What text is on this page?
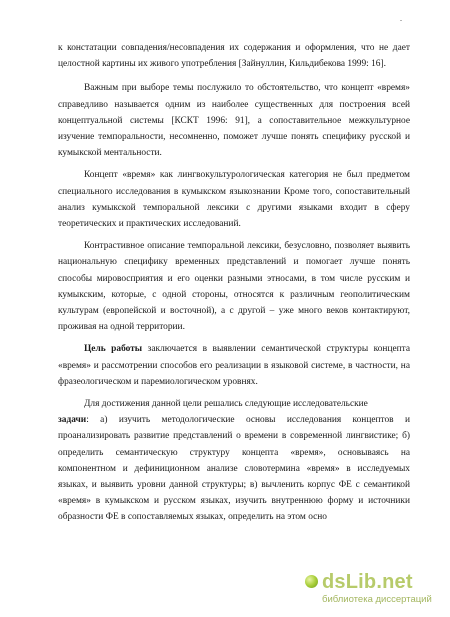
.

к констатации совпадения/несовпадения их содержания и оформления, что не дает целостной картины их живого употребления [Зайнуллин, Кильдибекова 1999: 16].

Важным при выборе темы послужило то обстоятельство, что концепт «время» справедливо называется одним из наиболее существенных для построения всей концептуальной системы [КСКТ 1996: 91], а сопоставительное межкультурное изучение темпоральности, несомненно, поможет лучше понять специфику русской и кумыкской ментальности.

Концепт «время» как лингвокультурологическая категория не был предметом специального исследования в кумыкском языкознании Кроме того, сопоставительный анализ кумыкской темпоральной лексики с другими языками входит в сферу теоретических и практических исследований.

Контрастивное описание темпоральной лексики, безусловно, позволяет выявить национальную специфику временных представлений и помогает лучше понять способы мировосприятия и его оценки разными этносами, в том числе русским и кумыкским, которые, с одной стороны, относятся к различным геополитическим культурам (европейской и восточной), а с другой – уже много веков контактируют, проживая на одной территории.

Цель работы заключается в выявлении семантической структуры концепта «время» и рассмотрении способов его реализации в языковой системе, в частности, на фразеологическом и паремиологическом уровнях.

Для достижения данной цели решались следующие исследовательские

задачи: а) изучить методологические основы исследования концептов и проанализировать развитие представлений о времени в современной лингвистике; б) определить семантическую структуру концепта «время», основываясь на компонентном и дефиниционном анализе словотермина «время» в исследуемых языках, и выявить уровни данной структуры; в) вычленить корпус ФЕ с семантикой «время» в кумыкском и русском языках, изучить внутреннюю форму и источники образности ФЕ в сопоставляемых языках, определить на этом осно

dsLib.net
библиотека диссертаций
